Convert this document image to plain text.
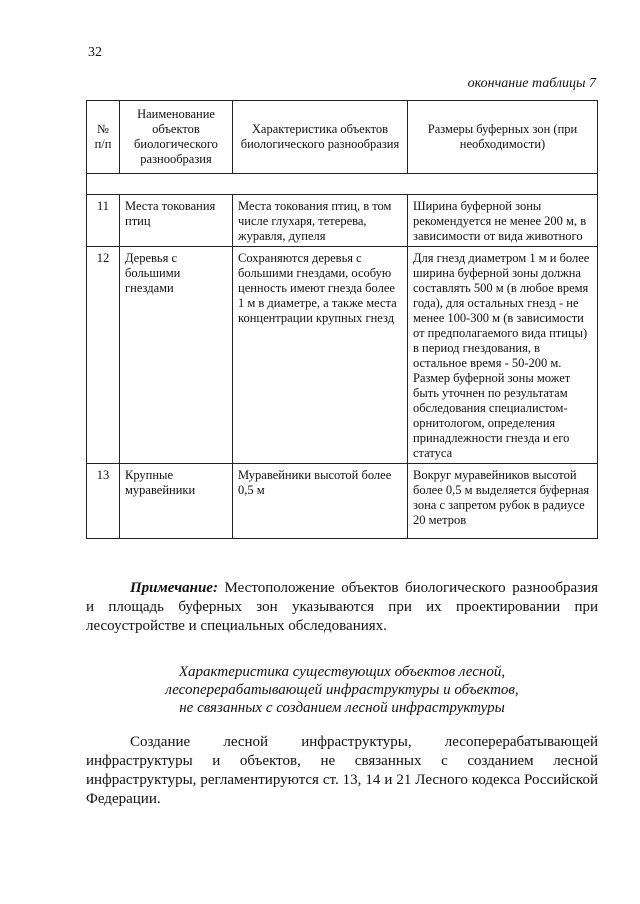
32
окончание таблицы 7
№ п/п	Наименование объектов биологического разнообразия	Характеристика объектов биологического разнообразия	Размеры буферных зон (при необходимости)

11	Места токования птиц	Места токования птиц, в том числе глухаря, тетерева, журавля, дупеля	Ширина буферной зоны рекомендуется не менее 200 м, в зависимости от вида животного
12	Деревья с большими гнездами	Сохраняются деревья с большими гнездами, особую ценность имеют гнезда более 1 м в диаметре, а также места концентрации крупных гнезд	Для гнезд диаметром 1 м и более ширина буферной зоны должна составлять 500 м (в любое время года), для остальных гнезд - не менее 100-300 м (в зависимости от предполагаемого вида птицы) в период гнездования, в остальное время - 50-200 м. Размер буферной зоны может быть уточнен по результатам обследования специалистом-орнитологом, определения принадлежности гнезда и его статуса
13	Крупные муравейники	Муравейники высотой более 0,5 м	Вокруг муравейников высотой более 0,5 м выделяется буферная зона с запретом рубок в радиусе 20 метров
Примечание: Местоположение объектов биологического разнообразия и площадь буферных зон указываются при их проектировании при лесоустройстве и специальных обследованиях.
Характеристика существующих объектов лесной,
лесоперерабатывающей инфраструктуры и объектов,
не связанных с созданием лесной инфраструктуры
Создание лесной инфраструктуры, лесоперерабатывающей инфраструктуры и объектов, не связанных с созданием лесной инфраструктуры, регламентируются ст. 13, 14 и 21 Лесного кодекса Российской Федерации.
